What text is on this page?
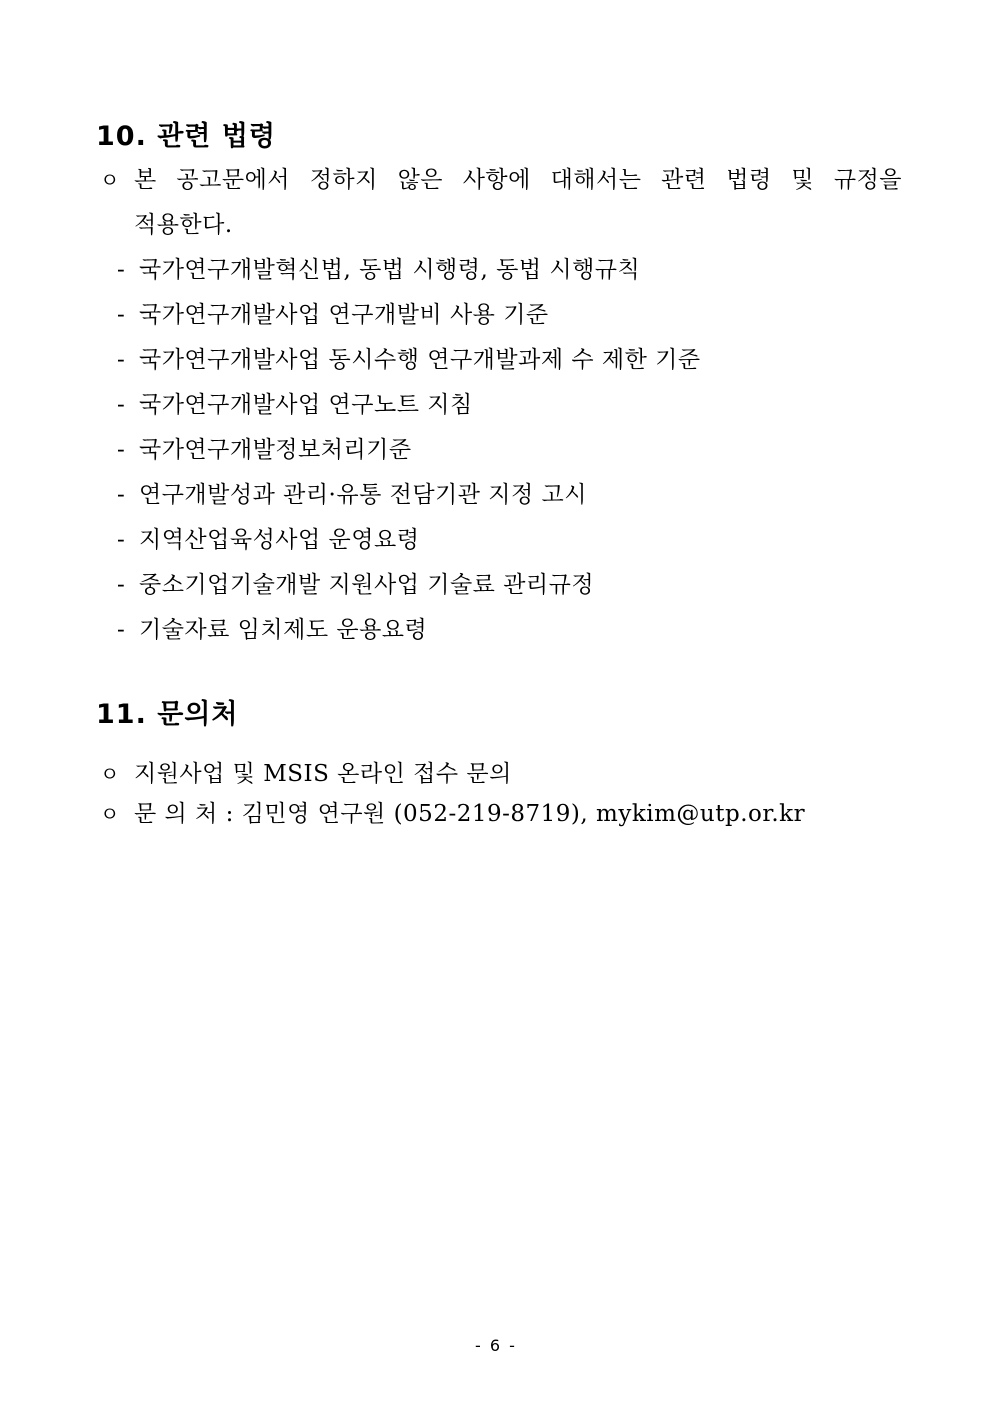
10. 관련 법령
ㅇ 본 공고문에서 정하지 않은 사항에 대해서는 관련 법령 및 규정을
적용한다.
- 국가연구개발혁신법, 동법 시행령, 동법 시행규칙
- 국가연구개발사업 연구개발비 사용 기준
- 국가연구개발사업 동시수행 연구개발과제 수 제한 기준
- 국가연구개발사업 연구노트 지침
- 국가연구개발정보처리기준
- 연구개발성과 관리·유통 전담기관 지정 고시
- 지역산업육성사업 운영요령
- 중소기업기술개발 지원사업 기술료 관리규정
- 기술자료 임치제도 운용요령
11. 문의처
ㅇ 지원사업 및 MSIS 온라인 접수 문의
ㅇ 문 의 처 : 김민영 연구원 (052-219-8719), mykim@utp.or.kr
- 6 -
